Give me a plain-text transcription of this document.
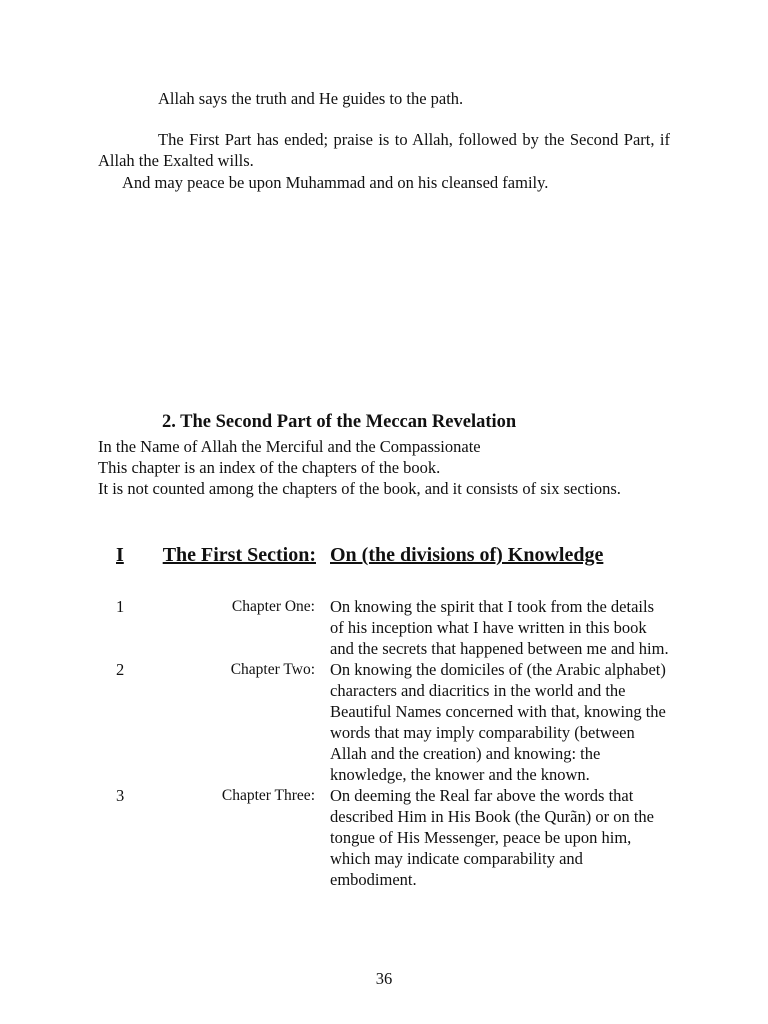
Allah says the truth and He guides to the path.

The First Part has ended; praise is to Allah, followed by the Second Part, if Allah the Exalted wills.

And may peace be upon Muhammad and on his cleansed family.

2. The Second Part of the Meccan Revelation

In the Name of Allah the Merciful and the Compassionate

This chapter is an index of the chapters of the book.

It is not counted among the chapters of the book, and it consists of six sections.

I The First Section: On (the divisions of) Knowledge
1	Chapter One: On knowing the spirit that I took from the details of his inception what I have written in this book and the secrets that happened between me and him.
2	Chapter Two: On knowing the domiciles of (the Arabic alphabet) characters and diacritics in the world and the Beautiful Names concerned with that, knowing the words that may imply comparability (between Allah and the creation) and knowing: the knowledge, the knower and the known.
3	Chapter Three: On deeming the Real far above the words that described Him in His Book (the Qurãn) or on the tongue of His Messenger, peace be upon him, which may indicate comparability and embodiment.
36
